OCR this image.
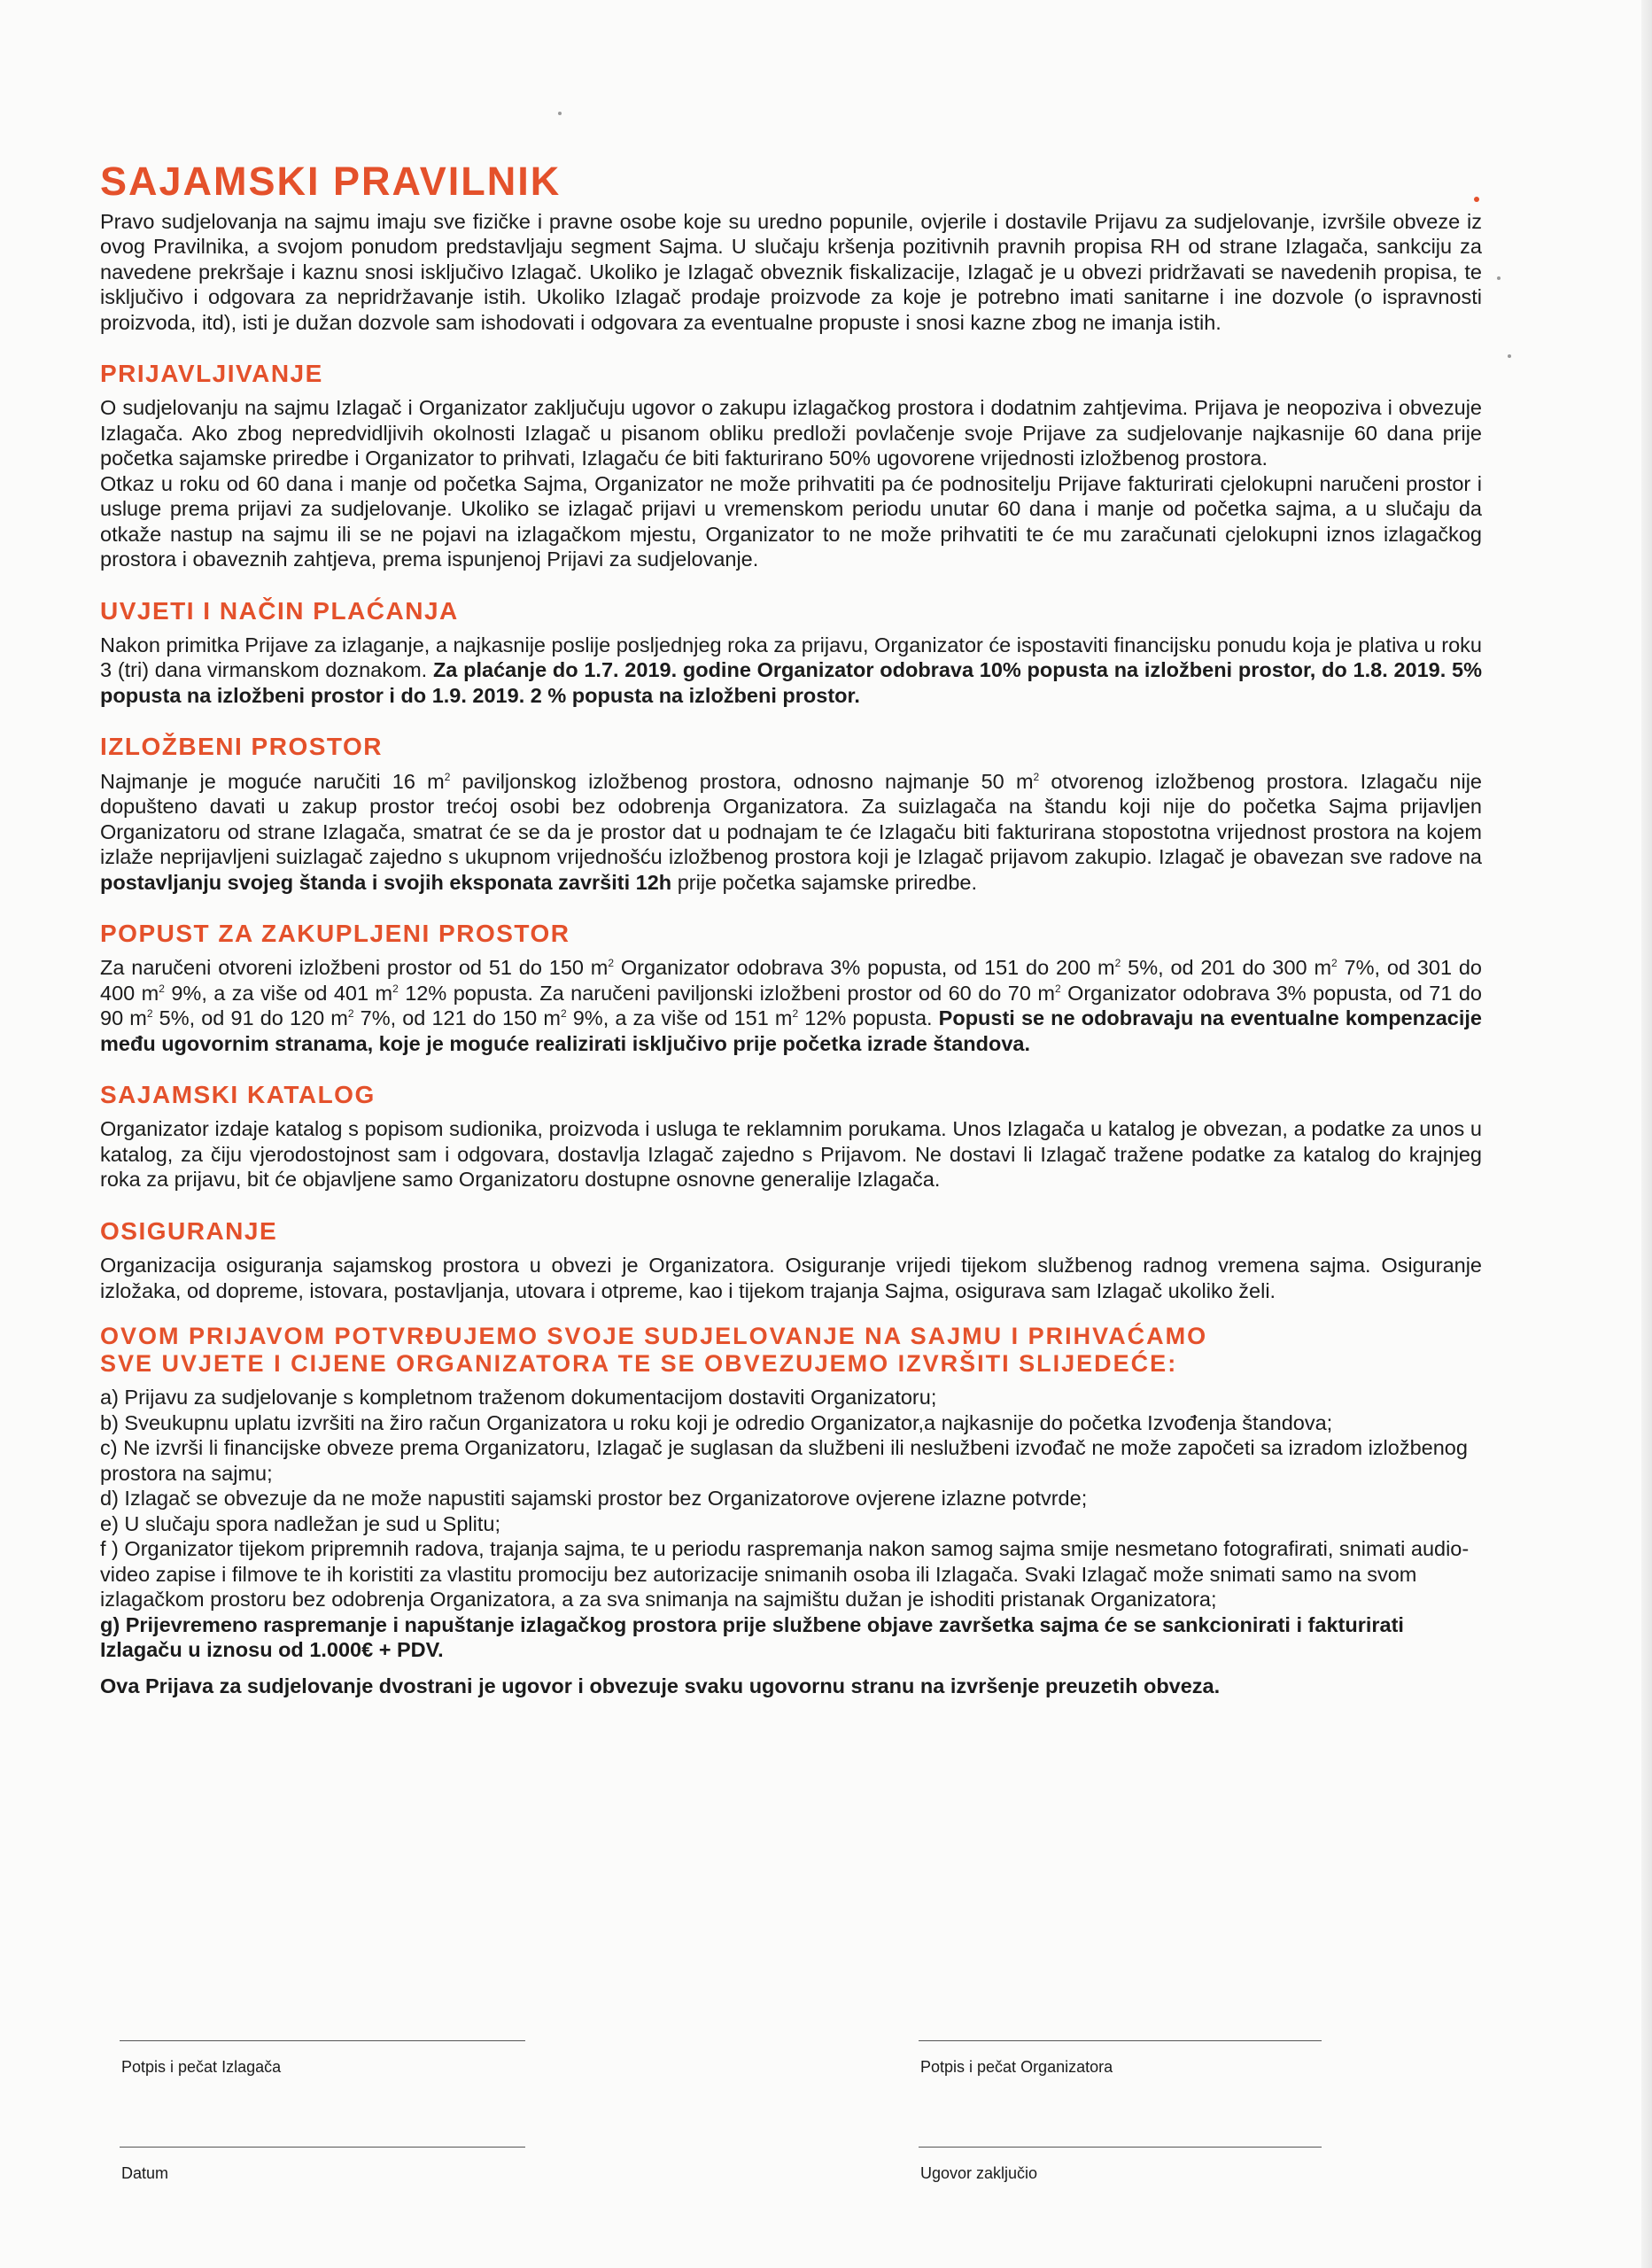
SAJAMSKI PRAVILNIK

Pravo sudjelovanja na sajmu imaju sve fizičke i pravne osobe koje su uredno popunile, ovjerile i dostavile Prijavu za sudjelovanje, izvršile obveze iz ovog Pravilnika, a svojom ponudom predstavljaju segment Sajma. U slučaju kršenja pozitivnih pravnih propisa RH od strane Izlagača, sankciju za navedene prekršaje i kaznu snosi isključivo Izlagač. Ukoliko je Izlagač obveznik fiskalizacije, Izlagač je u obvezi pridržavati se navedenih propisa, te isključivo i odgovara za nepridržavanje istih. Ukoliko Izlagač prodaje proizvode za koje je potrebno imati sanitarne i ine dozvole (o ispravnosti proizvoda, itd), isti je dužan dozvole sam ishodovati i odgovara za eventualne propuste i snosi kazne zbog ne imanja istih.

PRIJAVLJIVANJE

O sudjelovanju na sajmu Izlagač i Organizator zaključuju ugovor o zakupu izlagačkog prostora i dodatnim zahtjevima. Prijava je neopoziva i obvezuje Izlagača. Ako zbog nepredvidljivih okolnosti Izlagač u pisanom obliku predloži povlačenje svoje Prijave za sudjelovanje najkasnije 60 dana prije početka sajamske priredbe i Organizator to prihvati, Izlagaču će biti fakturirano 50% ugovorene vrijednosti izložbenog prostora.

Otkaz u roku od 60 dana i manje od početka Sajma, Organizator ne može prihvatiti pa će podnositelju Prijave fakturirati cjelokupni naručeni prostor i usluge prema prijavi za sudjelovanje. Ukoliko se izlagač prijavi u vremenskom periodu unutar 60 dana i manje od početka sajma, a u slučaju da otkaže nastup na sajmu ili se ne pojavi na izlagačkom mjestu, Organizator to ne može prihvatiti te će mu zaračunati cjelokupni iznos izlagačkog prostora i obaveznih zahtjeva, prema ispunjenoj Prijavi za sudjelovanje.

UVJETI I NAČIN PLAĆANJA

Nakon primitka Prijave za izlaganje, a najkasnije poslije posljednjeg roka za prijavu, Organizator će ispostaviti financijsku ponudu koja je plativa u roku 3 (tri) dana virmanskom doznakom. Za plaćanje do 1.7. 2019. godine Organizator odobrava 10% popusta na izložbeni prostor, do 1.8. 2019. 5% popusta na izložbeni prostor i do 1.9. 2019. 2 % popusta na izložbeni prostor.

IZLOŽBENI PROSTOR

Najmanje je moguće naručiti 16 $m^2$ paviljonskog izložbenog prostora, odnosno najmanje 50 $m^2$ otvorenog izložbenog prostora. Izlagaču nije dopušteno davati u zakup prostor trećoj osobi bez odobrenja Organizatora. Za suizlagača na štandu koji nije do početka Sajma prijavljen Organizatoru od strane Izlagača, smatrat će se da je prostor dat u podnajam te će Izlagaču biti fakturirana stopostotna vrijednost prostora na kojem izlaže neprijavljeni suizlagač zajedno s ukupnom vrijednošću izložbenog prostora koji je Izlagač prijavom zakupio. Izlagač je obavezan sve radove na postavljanju svojeg štanda i svojih eksponata završiti 12h prije početka sajamske priredbe.

POPUST ZA ZAKUPLJENI PROSTOR

Za naručeni otvoreni izložbeni prostor od 51 do 150 $m^2$ Organizator odobrava 3% popusta, od 151 do 200 $m^2$ 5%, od 201 do 300 $m^2$ 7%, od 301 do 400 $m^2$ 9%, a za više od 401 $m^2$ 12% popusta. Za naručeni paviljonski izložbeni prostor od 60 do 70 $m^2$ Organizator odobrava 3% popusta, od 71 do 90 $m^2$ 5%, od 91 do 120 $m^2$ 7%, od 121 do 150 $m^2$ 9%, a za više od 151 $m^2$ 12% popusta. Popusti se ne odobravaju na eventualne kompenzacije među ugovornim stranama, koje je moguće realizirati isključivo prije početka izrade štandova.

SAJAMSKI KATALOG

Organizator izdaje katalog s popisom sudionika, proizvoda i usluga te reklamnim porukama. Unos Izlagača u katalog je obvezan, a podatke za unos u katalog, za čiju vjerodostojnost sam i odgovara, dostavlja Izlagač zajedno s Prijavom. Ne dostavi li Izlagač tražene podatke za katalog do krajnjeg roka za prijavu, bit će objavljene samo Organizatoru dostupne osnovne generalije Izlagača.

OSIGURANJE

Organizacija osiguranja sajamskog prostora u obvezi je Organizatora. Osiguranje vrijedi tijekom službenog radnog vremena sajma. Osiguranje izložaka, od dopreme, istovara, postavljanja, utovara i otpreme, kao i tijekom trajanja Sajma, osigurava sam Izlagač ukoliko želi.

OVOM PRIJAVOM POTVRĐUJEMO SVOJE SUDJELOVANJE NA SAJMU I PRIHVAĆAMO
SVE UVJETE I CIJENE ORGANIZATORA TE SE OBVEZUJEMO IZVRŠITI SLIJEDEĆE:

a) Prijavu za sudjelovanje s kompletnom traženom dokumentacijom dostaviti Organizatoru;

b) Sveukupnu uplatu izvršiti na žiro račun Organizatora u roku koji je odredio Organizator,a najkasnije do početka Izvođenja štandova;

c) Ne izvrši li financijske obveze prema Organizatoru, Izlagač je suglasan da službeni ili neslužbeni izvođač ne može započeti sa izradom izložbenog prostora na sajmu;

d) Izlagač se obvezuje da ne može napustiti sajamski prostor bez Organizatorove ovjerene izlazne potvrde;

e) U slučaju spora nadležan je sud u Splitu;

f ) Organizator tijekom pripremnih radova, trajanja sajma, te u periodu raspremanja nakon samog sajma smije nesmetano fotografirati, snimati audio-video zapise i filmove te ih koristiti za vlastitu promociju bez autorizacije snimanih osoba ili Izlagača. Svaki Izlagač može snimati samo na svom izlagačkom prostoru bez odobrenja Organizatora, a za sva snimanja na sajmištu dužan je ishoditi pristanak Organizatora;

g) Prijevremeno raspremanje i napuštanje izlagačkog prostora prije službene objave završetka sajma će se sankcionirati i fakturirati Izlagaču u iznosu od 1.000€ + PDV.

Ova Prijava za sudjelovanje dvostrani je ugovor i obvezuje svaku ugovornu stranu na izvršenje preuzetih obveza.

Potpis i pečat Izlagača	Potpis i pečat Organizatora
Datum	Ugovor zaključio
